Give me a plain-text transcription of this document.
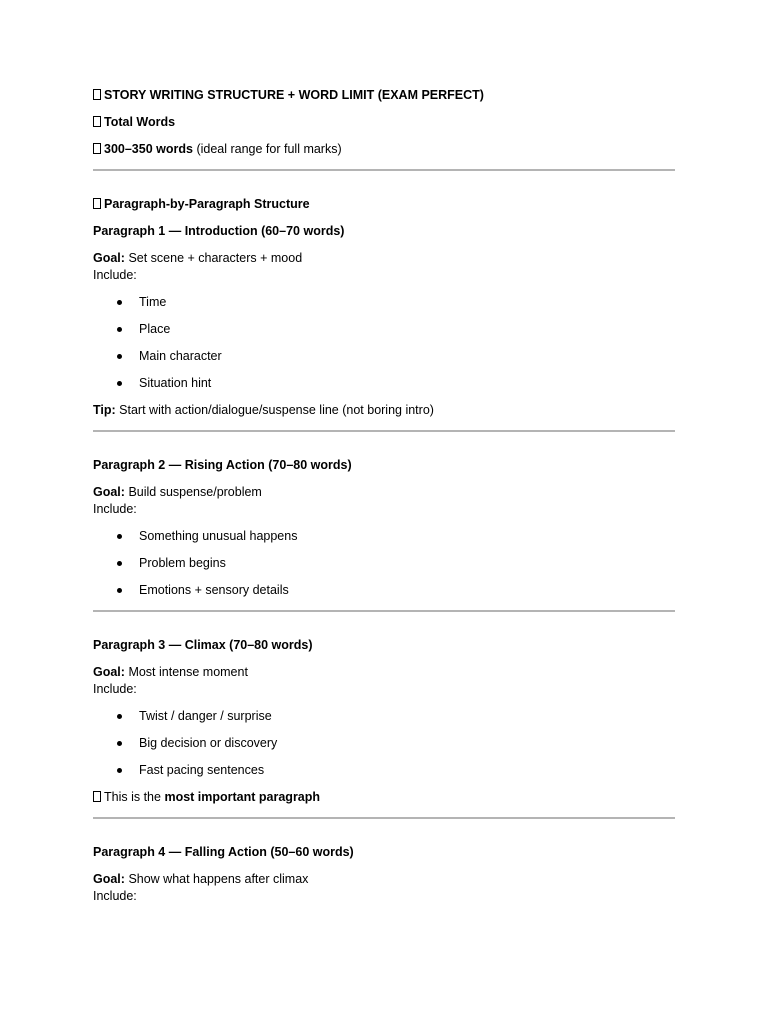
STORY WRITING STRUCTURE + WORD LIMIT (EXAM PERFECT)

Total Words

300–350 words (ideal range for full marks)

Paragraph-by-Paragraph Structure

Paragraph 1 — Introduction (60–70 words)

Goal: Set scene + characters + mood

Include:

Time
Place
Main character
Situation hint

Tip: Start with action/dialogue/suspense line (not boring intro)

Paragraph 2 — Rising Action (70–80 words)

Goal: Build suspense/problem

Include:

Something unusual happens
Problem begins
Emotions + sensory details

Paragraph 3 — Climax (70–80 words)

Goal: Most intense moment

Include:

Twist / danger / surprise
Big decision or discovery
Fast pacing sentences

This is the most important paragraph

Paragraph 4 — Falling Action (50–60 words)

Goal: Show what happens after climax

Include:
